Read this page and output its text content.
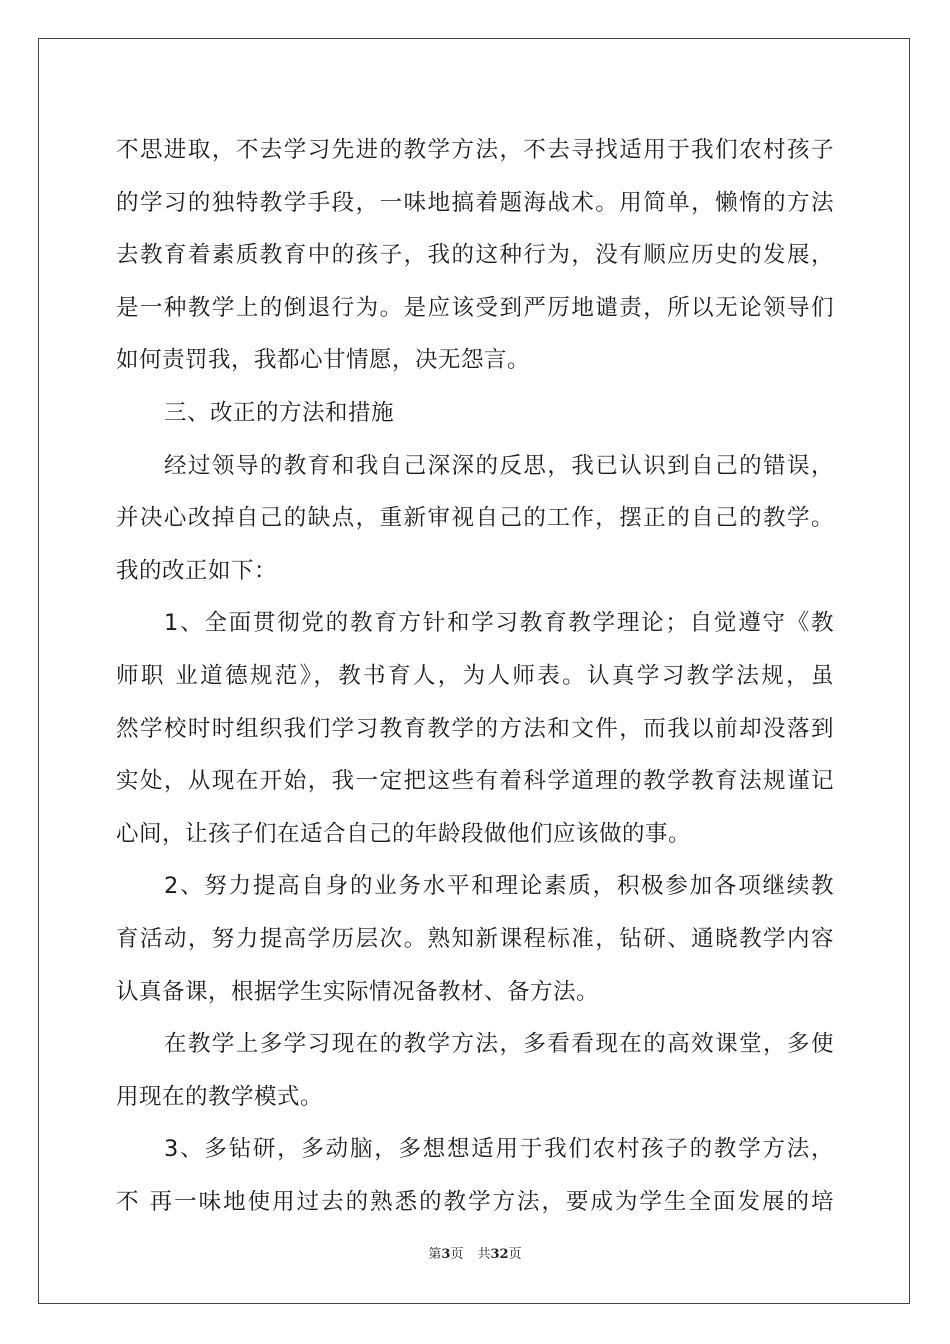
不思进取，不去学习先进的教学方法，不去寻找适用于我们农村孩子
的学习的独特教学手段，一味地搞着题海战术。用简单，懒惰的方法
去教育着素质教育中的孩子，我的这种行为，没有顺应历史的发展，
是一种教学上的倒退行为。是应该受到严厉地谴责，所以无论领导们
如何责罚我，我都心甘情愿，决无怨言。
三、改正的方法和措施
经过领导的教育和我自己深深的反思，我已认识到自己的错误，
并决心改掉自己的缺点，重新审视自己的工作，摆正的自己的教学。
我的改正如下：
1、全面贯彻党的教育方针和学习教育教学理论；自觉遵守《教
师职 业道德规范》，教书育人，为人师表。认真学习教学法规，虽
然学校时时组织我们学习教育教学的方法和文件，而我以前却没落到
实处，从现在开始，我一定把这些有着科学道理的教学教育法规谨记
心间，让孩子们在适合自己的年龄段做他们应该做的事。
2、努力提高自身的业务水平和理论素质，积极参加各项继续教
育活动，努力提高学历层次。熟知新课程标准，钻研、通晓教学内容
认真备课，根据学生实际情况备教材、备方法。
在教学上多学习现在的教学方法，多看看现在的高效课堂，多使
用现在的教学模式。
3、多钻研，多动脑，多想想适用于我们农村孩子的教学方法，
不 再一味地使用过去的熟悉的教学方法，要成为学生全面发展的培
第3页 共32页
